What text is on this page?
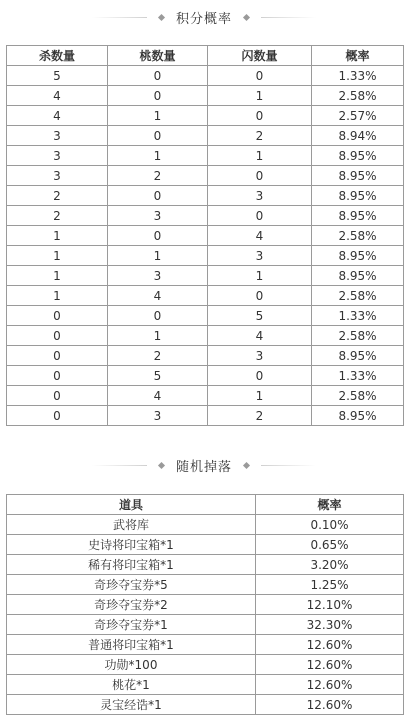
积分概率
杀数量	桃数量	闪数量	概率
5	0	0	1.33%
4	0	1	2.58%
4	1	0	2.57%
3	0	2	8.94%
3	1	1	8.95%
3	2	0	8.95%
2	0	3	8.95%
2	3	0	8.95%
1	0	4	2.58%
1	1	3	8.95%
1	3	1	8.95%
1	4	0	2.58%
0	0	5	1.33%
0	1	4	2.58%
0	2	3	8.95%
0	5	0	1.33%
0	4	1	2.58%
0	3	2	8.95%
随机掉落
道具	概率
武将库	0.10%
史诗将印宝箱*1	0.65%
稀有将印宝箱*1	3.20%
奇珍夺宝券*5	1.25%
奇珍夺宝券*2	12.10%
奇珍夺宝券*1	32.30%
普通将印宝箱*1	12.60%
功勋*100	12.60%
桃花*1	12.60%
灵宝经诰*1	12.60%
